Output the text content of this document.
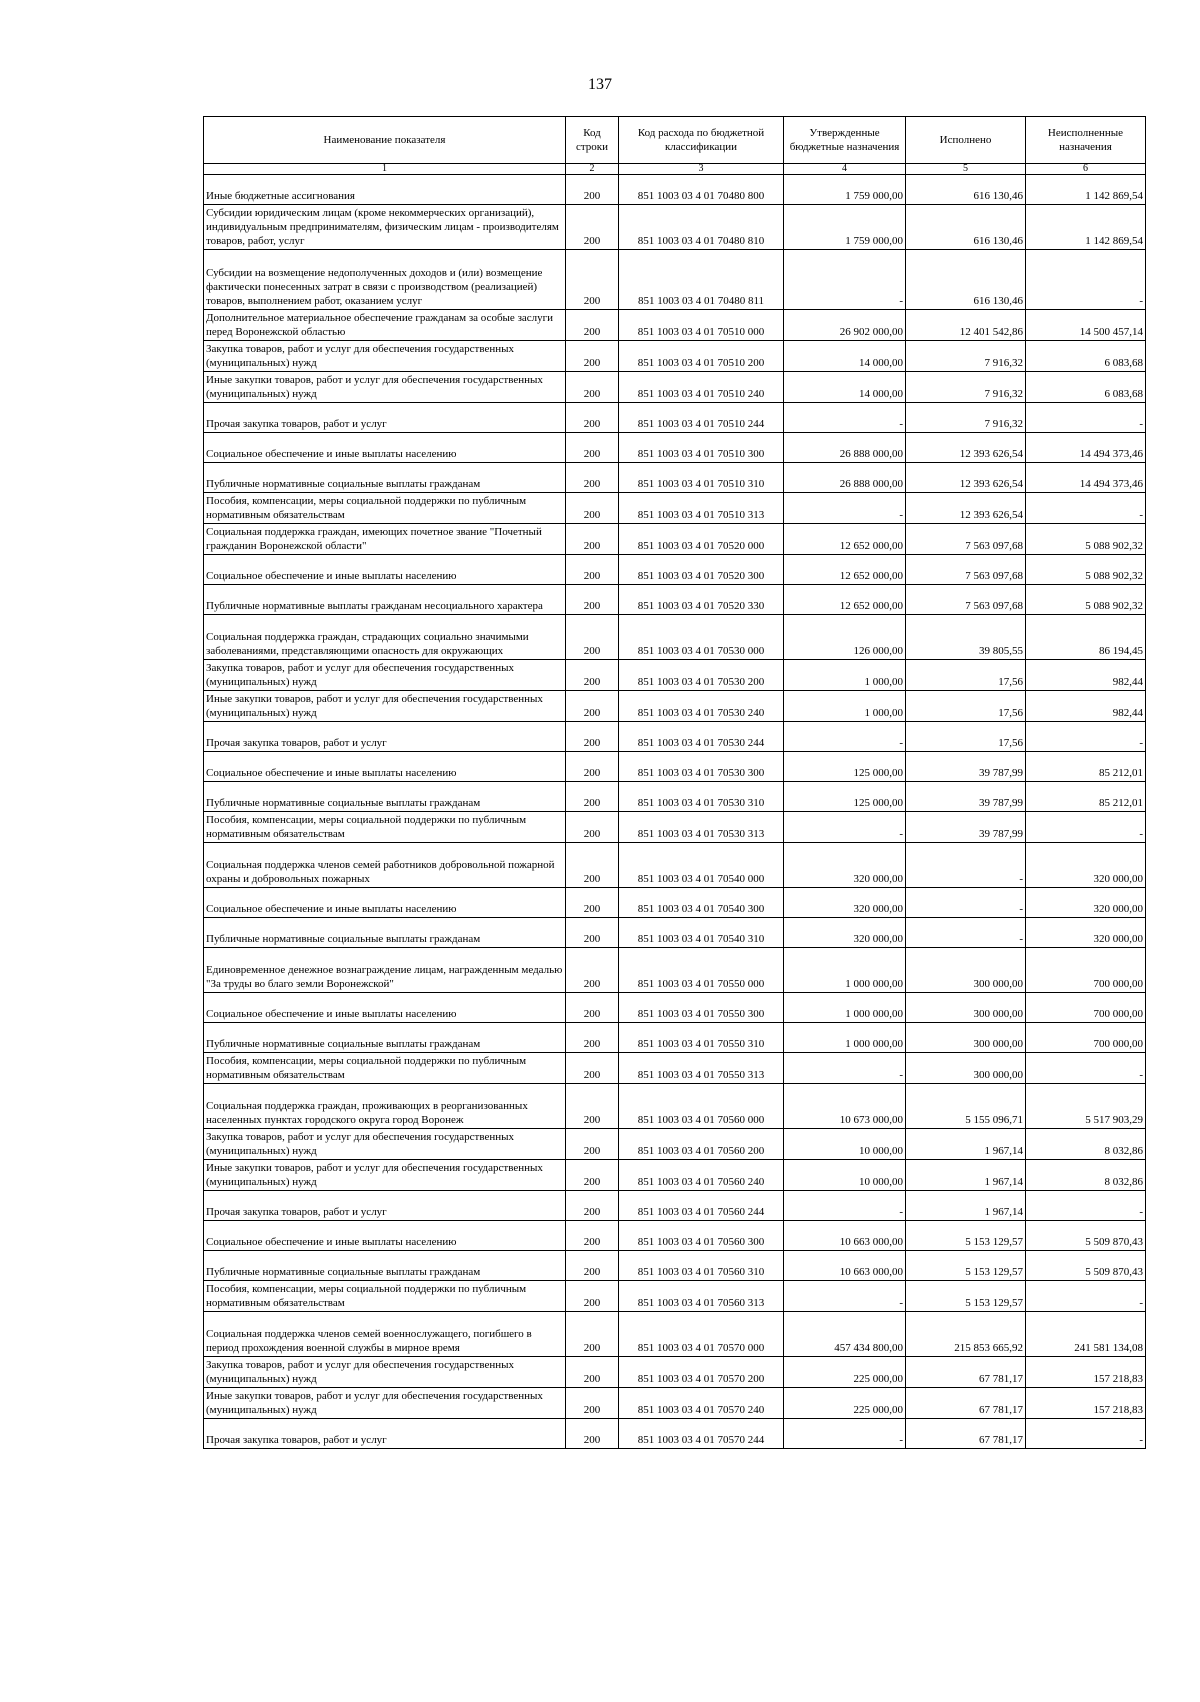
137
Наименование показателя	Код строки	Код расхода по бюджетной классификации	Утвержденные бюджетные назначения	Исполнено	Неисполненные назначения
1	2	3	4	5	6
Иные бюджетные ассигнования	200	851 1003 03 4 01 70480 800	1 759 000,00	616 130,46	1 142 869,54
Субсидии юридическим лицам (кроме некоммерческих организаций), индивидуальным предпринимателям, физическим лицам - производителям товаров, работ, услуг	200	851 1003 03 4 01 70480 810	1 759 000,00	616 130,46	1 142 869,54
Субсидии на возмещение недополученных доходов и (или) возмещение фактически понесенных затрат в связи с производством (реализацией) товаров, выполнением работ, оказанием услуг	200	851 1003 03 4 01 70480 811	-	616 130,46	-
Дополнительное материальное обеспечение гражданам за особые заслуги перед Воронежской областью	200	851 1003 03 4 01 70510 000	26 902 000,00	12 401 542,86	14 500 457,14
Закупка товаров, работ и услуг для обеспечения государственных (муниципальных) нужд	200	851 1003 03 4 01 70510 200	14 000,00	7 916,32	6 083,68
Иные закупки товаров, работ и услуг для обеспечения государственных (муниципальных) нужд	200	851 1003 03 4 01 70510 240	14 000,00	7 916,32	6 083,68
Прочая закупка товаров, работ и услуг	200	851 1003 03 4 01 70510 244	-	7 916,32	-
Социальное обеспечение и иные выплаты населению	200	851 1003 03 4 01 70510 300	26 888 000,00	12 393 626,54	14 494 373,46
Публичные нормативные социальные выплаты гражданам	200	851 1003 03 4 01 70510 310	26 888 000,00	12 393 626,54	14 494 373,46
Пособия, компенсации, меры социальной поддержки по публичным нормативным обязательствам	200	851 1003 03 4 01 70510 313	-	12 393 626,54	-
Социальная поддержка граждан, имеющих почетное звание "Почетный гражданин Воронежской области"	200	851 1003 03 4 01 70520 000	12 652 000,00	7 563 097,68	5 088 902,32
Социальное обеспечение и иные выплаты населению	200	851 1003 03 4 01 70520 300	12 652 000,00	7 563 097,68	5 088 902,32
Публичные нормативные выплаты гражданам несоциального характера	200	851 1003 03 4 01 70520 330	12 652 000,00	7 563 097,68	5 088 902,32
Социальная поддержка граждан, страдающих социально значимыми заболеваниями, представляющими опасность для окружающих	200	851 1003 03 4 01 70530 000	126 000,00	39 805,55	86 194,45
Закупка товаров, работ и услуг для обеспечения государственных (муниципальных) нужд	200	851 1003 03 4 01 70530 200	1 000,00	17,56	982,44
Иные закупки товаров, работ и услуг для обеспечения государственных (муниципальных) нужд	200	851 1003 03 4 01 70530 240	1 000,00	17,56	982,44
Прочая закупка товаров, работ и услуг	200	851 1003 03 4 01 70530 244	-	17,56	-
Социальное обеспечение и иные выплаты населению	200	851 1003 03 4 01 70530 300	125 000,00	39 787,99	85 212,01
Публичные нормативные социальные выплаты гражданам	200	851 1003 03 4 01 70530 310	125 000,00	39 787,99	85 212,01
Пособия, компенсации, меры социальной поддержки по публичным нормативным обязательствам	200	851 1003 03 4 01 70530 313	-	39 787,99	-
Социальная поддержка членов семей работников добровольной пожарной охраны и добровольных пожарных	200	851 1003 03 4 01 70540 000	320 000,00	-	320 000,00
Социальное обеспечение и иные выплаты населению	200	851 1003 03 4 01 70540 300	320 000,00	-	320 000,00
Публичные нормативные социальные выплаты гражданам	200	851 1003 03 4 01 70540 310	320 000,00	-	320 000,00
Единовременное денежное вознаграждение лицам, награжденным медалью "За труды во благо земли Воронежской"	200	851 1003 03 4 01 70550 000	1 000 000,00	300 000,00	700 000,00
Социальное обеспечение и иные выплаты населению	200	851 1003 03 4 01 70550 300	1 000 000,00	300 000,00	700 000,00
Публичные нормативные социальные выплаты гражданам	200	851 1003 03 4 01 70550 310	1 000 000,00	300 000,00	700 000,00
Пособия, компенсации, меры социальной поддержки по публичным нормативным обязательствам	200	851 1003 03 4 01 70550 313	-	300 000,00	-
Социальная поддержка граждан, проживающих в реорганизованных населенных пунктах городского округа город Воронеж	200	851 1003 03 4 01 70560 000	10 673 000,00	5 155 096,71	5 517 903,29
Закупка товаров, работ и услуг для обеспечения государственных (муниципальных) нужд	200	851 1003 03 4 01 70560 200	10 000,00	1 967,14	8 032,86
Иные закупки товаров, работ и услуг для обеспечения государственных (муниципальных) нужд	200	851 1003 03 4 01 70560 240	10 000,00	1 967,14	8 032,86
Прочая закупка товаров, работ и услуг	200	851 1003 03 4 01 70560 244	-	1 967,14	-
Социальное обеспечение и иные выплаты населению	200	851 1003 03 4 01 70560 300	10 663 000,00	5 153 129,57	5 509 870,43
Публичные нормативные социальные выплаты гражданам	200	851 1003 03 4 01 70560 310	10 663 000,00	5 153 129,57	5 509 870,43
Пособия, компенсации, меры социальной поддержки по публичным нормативным обязательствам	200	851 1003 03 4 01 70560 313	-	5 153 129,57	-
Социальная поддержка членов семей военнослужащего, погибшего в период прохождения военной службы в мирное время	200	851 1003 03 4 01 70570 000	457 434 800,00	215 853 665,92	241 581 134,08
Закупка товаров, работ и услуг для обеспечения государственных (муниципальных) нужд	200	851 1003 03 4 01 70570 200	225 000,00	67 781,17	157 218,83
Иные закупки товаров, работ и услуг для обеспечения государственных (муниципальных) нужд	200	851 1003 03 4 01 70570 240	225 000,00	67 781,17	157 218,83
Прочая закупка товаров, работ и услуг	200	851 1003 03 4 01 70570 244	-	67 781,17	-
